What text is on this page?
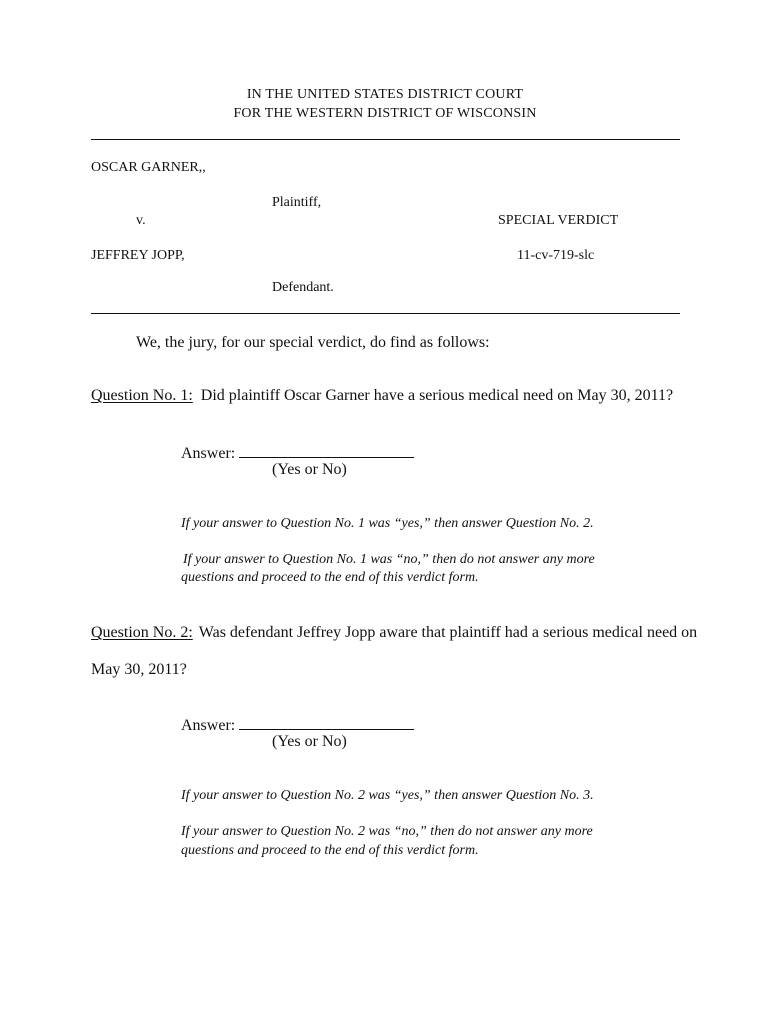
IN THE UNITED STATES DISTRICT COURT
FOR THE WESTERN DISTRICT OF WISCONSIN
OSCAR GARNER,,
Plaintiff,
v.	SPECIAL VERDICT
JEFFREY JOPP,	11-cv-719-slc
Defendant.
We, the jury, for our special verdict, do find as follows:
Question No. 1: Did plaintiff Oscar Garner have a serious medical need on May 30, 2011?
Answer:
(Yes or No)
If your answer to Question No. 1 was “yes,” then answer Question No. 2.
If your answer to Question No. 1 was “no,” then do not answer any more
questions and proceed to the end of this verdict form.
Question No. 2: Was defendant Jeffrey Jopp aware that plaintiff had a serious medical need on
May 30, 2011?
Answer:
(Yes or No)
If your answer to Question No. 2 was “yes,” then answer Question No. 3.
If your answer to Question No. 2 was “no,” then do not answer any more
questions and proceed to the end of this verdict form.
